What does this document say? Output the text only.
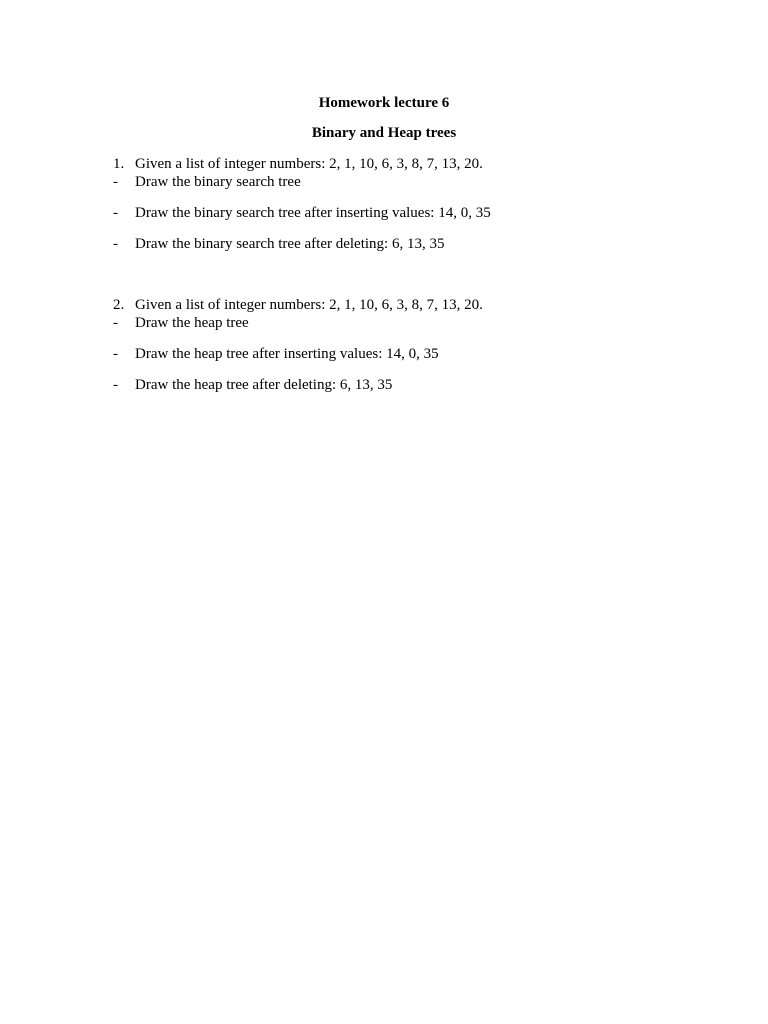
Homework lecture 6
Binary and Heap trees
1. Given a list of integer numbers: 2, 1, 10, 6, 3, 8, 7, 13, 20.
- Draw the binary search tree
- Draw the binary search tree after inserting values: 14, 0, 35
- Draw the binary search tree after deleting: 6, 13, 35
2. Given a list of integer numbers: 2, 1, 10, 6, 3, 8, 7, 13, 20.
- Draw the heap tree
- Draw the heap tree after inserting values: 14, 0, 35
- Draw the heap tree after deleting: 6, 13, 35
